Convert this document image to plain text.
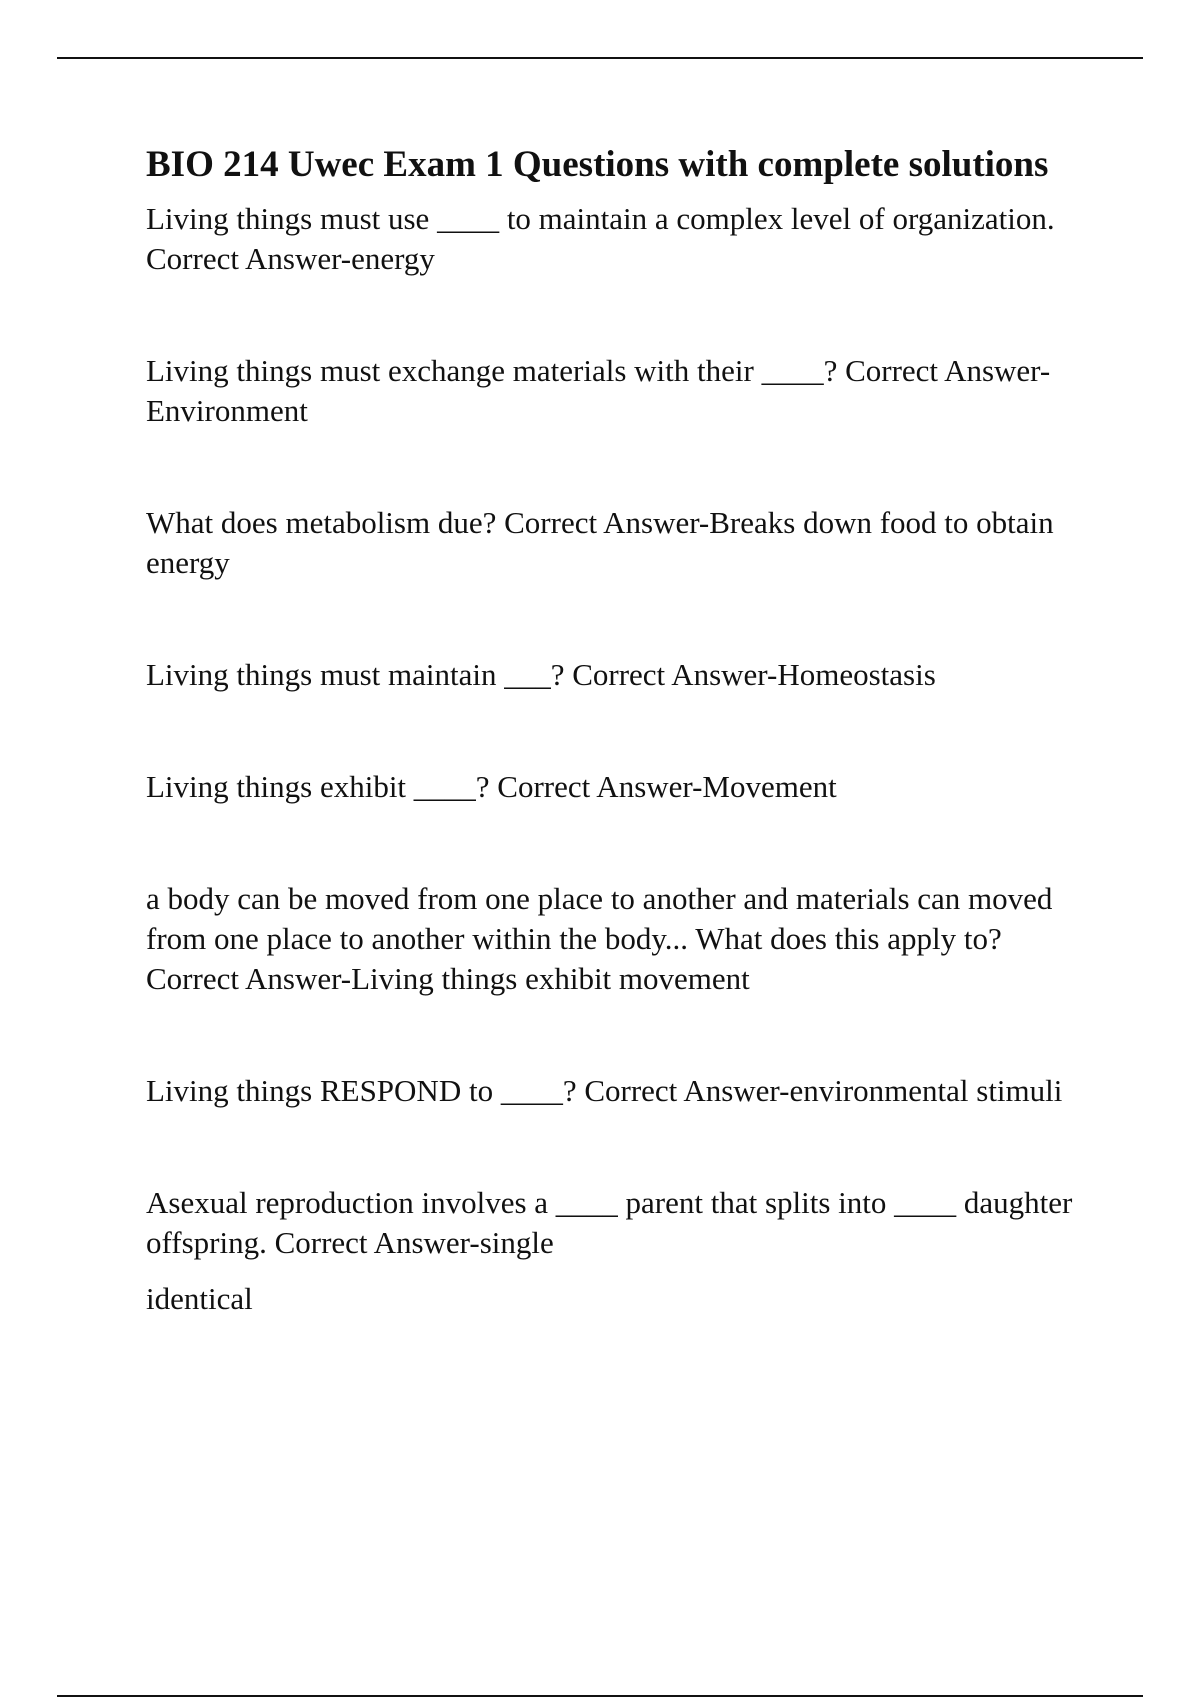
BIO 214 Uwec Exam 1 Questions with complete solutions

Living things must use ____ to maintain a complex level of organization. Correct Answer-energy

Living things must exchange materials with their ____? Correct Answer-Environment

What does metabolism due? Correct Answer-Breaks down food to obtain energy

Living things must maintain ___? Correct Answer-Homeostasis

Living things exhibit ____? Correct Answer-Movement

a body can be moved from one place to another and materials can moved from one place to another within the body... What does this apply to? Correct Answer-Living things exhibit movement

Living things RESPOND to ____? Correct Answer-environmental stimuli

Asexual reproduction involves a ____ parent that splits into ____ daughter offspring. Correct Answer-single

identical
